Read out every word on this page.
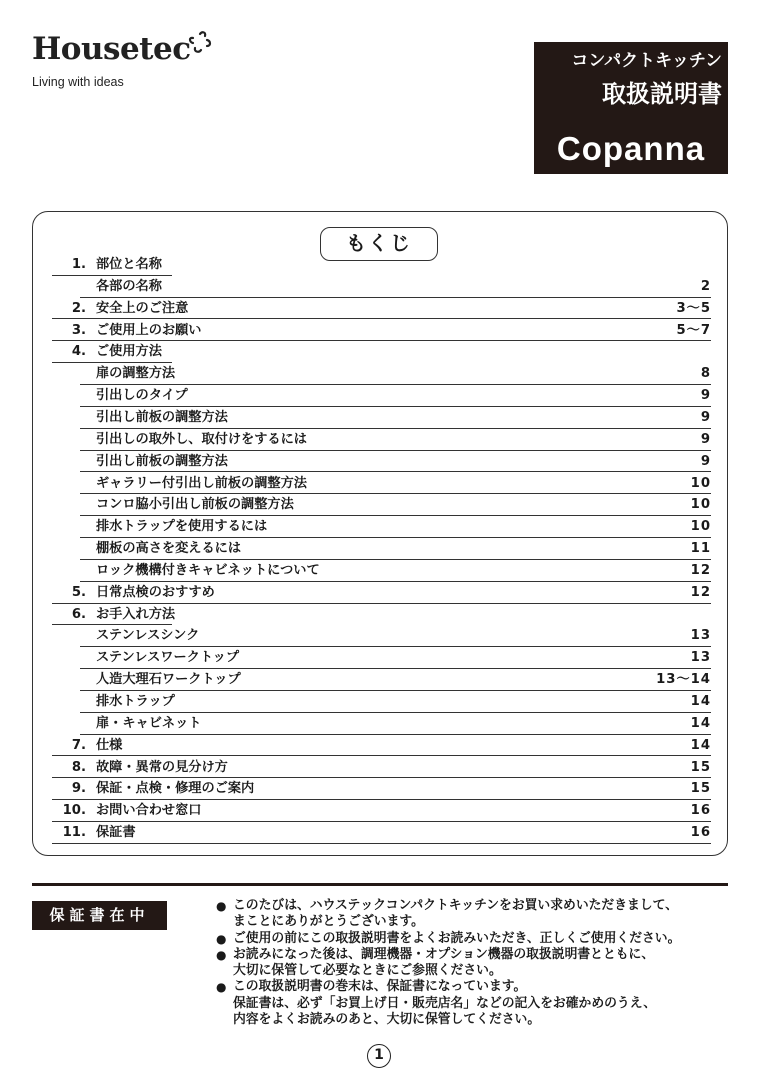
Housetec
Living with ideas
コンパクトキッチン
取扱説明書
Copanna
もくじ
1. 部位と名称
各部の名称	2
2. 安全上のご注意	3～5
3. ご使用上のお願い	5～7
4. ご使用方法
扉の調整方法	8
引出しのタイプ	9
引出し前板の調整方法	9
引出しの取外し、取付けをするには	9
引出し前板の調整方法	9
ギャラリー付引出し前板の調整方法	10
コンロ脇小引出し前板の調整方法	10
排水トラップを使用するには	10
棚板の高さを変えるには	11
ロック機構付きキャビネットについて	12
5. 日常点検のおすすめ	12
6. お手入れ方法
ステンレスシンク	13
ステンレスワークトップ	13
人造大理石ワークトップ	13～14
排水トラップ	14
扉・キャビネット	14
7. 仕様	14
8. 故障・異常の見分け方	15
9. 保証・点検・修理のご案内	15
10. お問い合わせ窓口	16
11. 保証書	16
保証書在中
● このたびは、ハウステックコンパクトキッチンをお買い求めいただきまして、
まことにありがとうございます。
● ご使用の前にこの取扱説明書をよくお読みいただき、正しくご使用ください。
● お読みになった後は、調理機器・オプション機器の取扱説明書とともに、
大切に保管して必要なときにご参照ください。
● この取扱説明書の巻末は、保証書になっています。
保証書は、必ず「お買上げ日・販売店名」などの記入をお確かめのうえ、
内容をよくお読みのあと、大切に保管してください。
1
